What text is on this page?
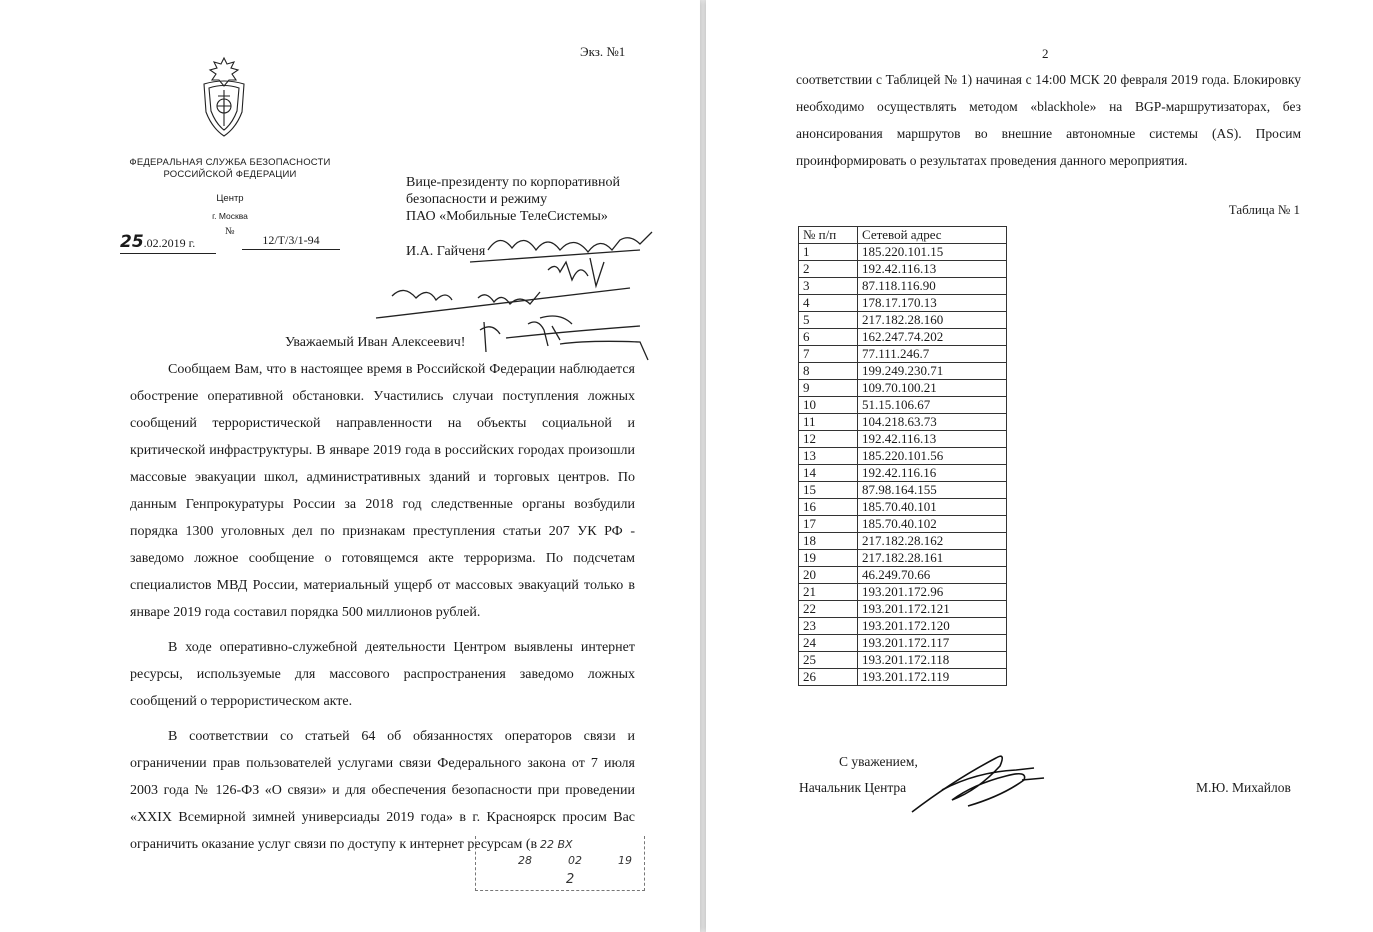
Экз. №1
ФЕДЕРАЛЬНАЯ СЛУЖБА БЕЗОПАСНОСТИ
РОССИЙСКОЙ ФЕДЕРАЦИИ
Центр
г. Москва
25.02.2019 г.
№
12/Т/3/1-94
Вице-президенту по корпоративной
безопасности и режиму
ПАО «Мобильные ТелеСистемы»
И.А. Гайченя
Уважаемый Иван Алексеевич!

Сообщаем Вам, что в настоящее время в Российской Федерации наблюдается обострение оперативной обстановки. Участились случаи поступления ложных сообщений террористической направленности на объекты социальной и критической инфраструктуры. В январе 2019 года в российских городах произошли массовые эвакуации школ, административных зданий и торговых центров. По данным Генпрокуратуры России за 2018 год следственные органы возбудили порядка 1300 уголовных дел по признакам преступления статьи 207 УК РФ - заведомо ложное сообщение о готовящемся акте терроризма. По подсчетам специалистов МВД России, материальный ущерб от массовых эвакуаций только в январе 2019 года составил порядка 500 миллионов рублей.

В ходе оперативно-служебной деятельности Центром выявлены интернет ресурсы, используемые для массового распространения заведомо ложных сообщений о террористическом акте.

В соответствии со статьей 64 об обязанностях операторов связи и ограничении прав пользователей услугами связи Федерального закона от 7 июля 2003 года № 126-ФЗ «О связи» и для обеспечения безопасности при проведении «XXIX Всемирной зимней универсиады 2019 года» в г. Красноярск просим Вас ограничить оказание услуг связи по доступу к интернет ресурсам (в 22 ВХ
28	02	19
2
2
соответствии с Таблицей № 1) начиная с 14:00 МСК 20 февраля 2019 года. Блокировку необходимо осуществлять методом «blackhole» на BGP-маршрутизаторах, без анонсирования маршрутов во внешние автономные системы (AS). Просим проинформировать о результатах проведения данного мероприятия.
Таблица № 1
№ п/п	Сетевой адрес
1	185.220.101.15
2	192.42.116.13
3	87.118.116.90
4	178.17.170.13
5	217.182.28.160
6	162.247.74.202
7	77.111.246.7
8	199.249.230.71
9	109.70.100.21
10	51.15.106.67
11	104.218.63.73
12	192.42.116.13
13	185.220.101.56
14	192.42.116.16
15	87.98.164.155
16	185.70.40.101
17	185.70.40.102
18	217.182.28.162
19	217.182.28.161
20	46.249.70.66
21	193.201.172.96
22	193.201.172.121
23	193.201.172.120
24	193.201.172.117
25	193.201.172.118
26	193.201.172.119
С уважением,
Начальник Центра	М.Ю. Михайлов
